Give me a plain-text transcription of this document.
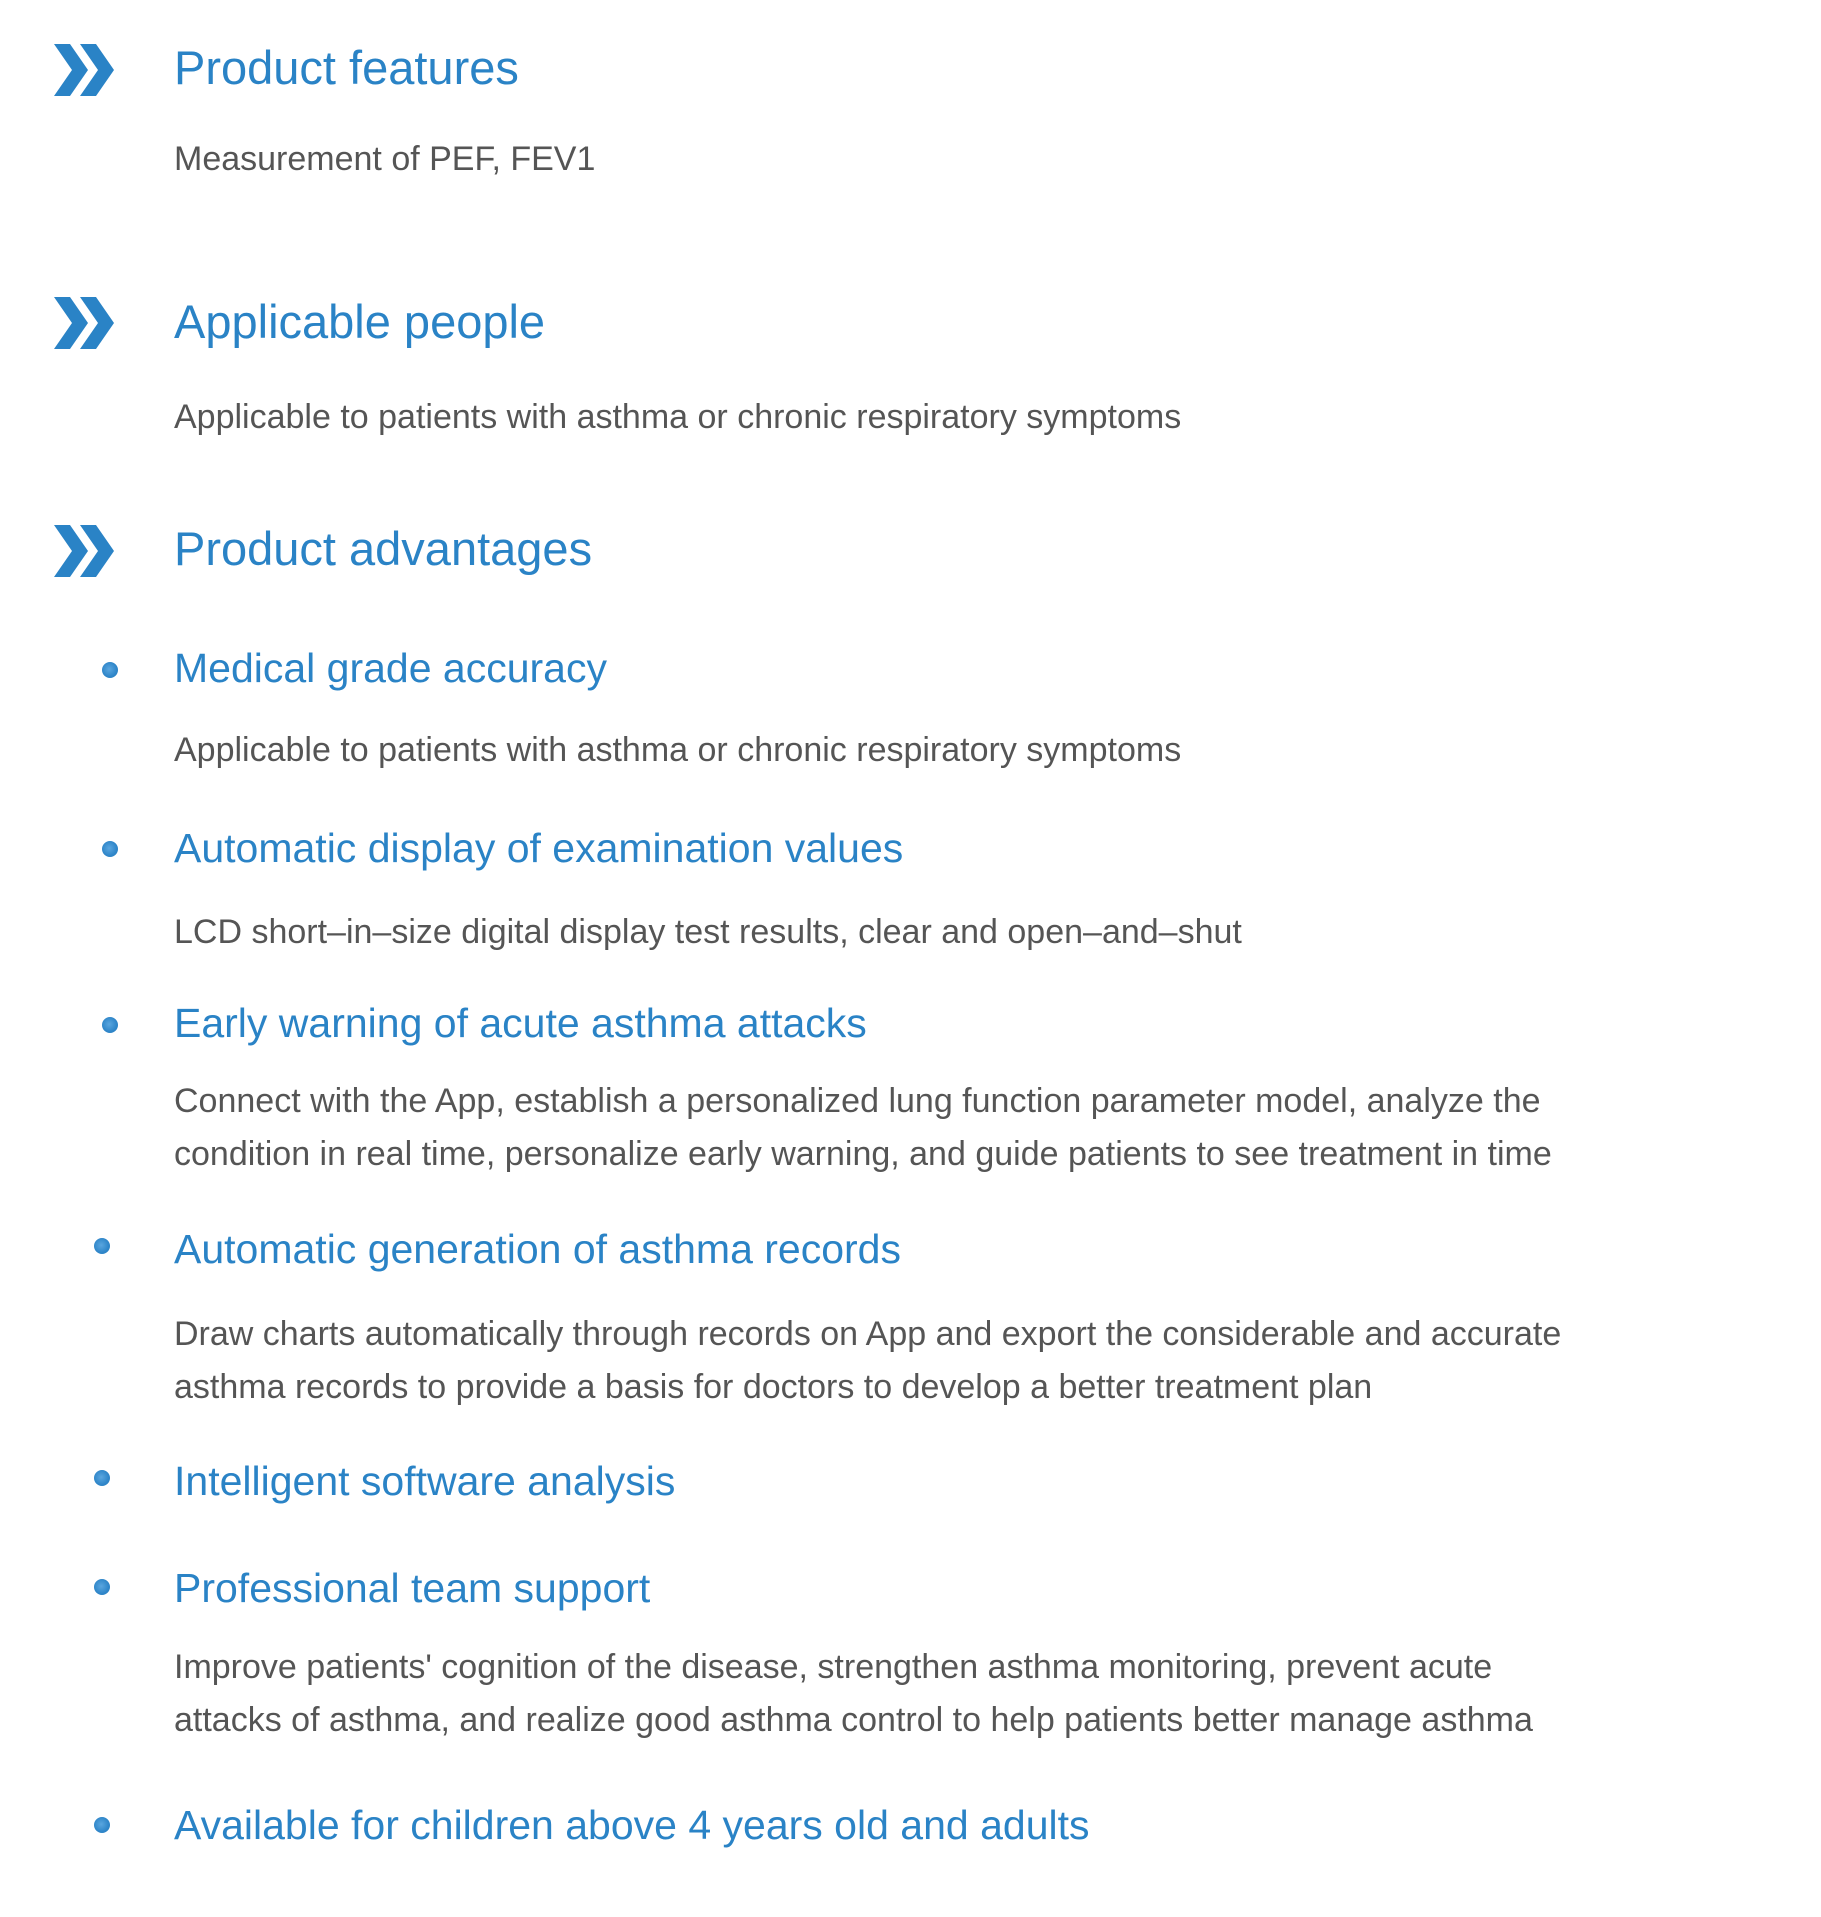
Product features
Measurement of PEF, FEV1
Applicable people
Applicable to patients with asthma or chronic respiratory symptoms
Product advantages
Medical grade accuracy
Applicable to patients with asthma or chronic respiratory symptoms
Automatic display of examination values
LCD short–in–size digital display test results, clear and open–and–shut
Early warning of acute asthma attacks
Connect with the App, establish a personalized lung function parameter model, analyze the
condition in real time, personalize early warning, and guide patients to see treatment in time
Automatic generation of asthma records
Draw charts automatically through records on App and export the considerable and accurate
asthma records to provide a basis for doctors to develop a better treatment plan
Intelligent software analysis
Professional team support
Improve patients' cognition of the disease, strengthen asthma monitoring, prevent acute
attacks of asthma, and realize good asthma control to help patients better manage asthma
Available for children above 4 years old and adults
